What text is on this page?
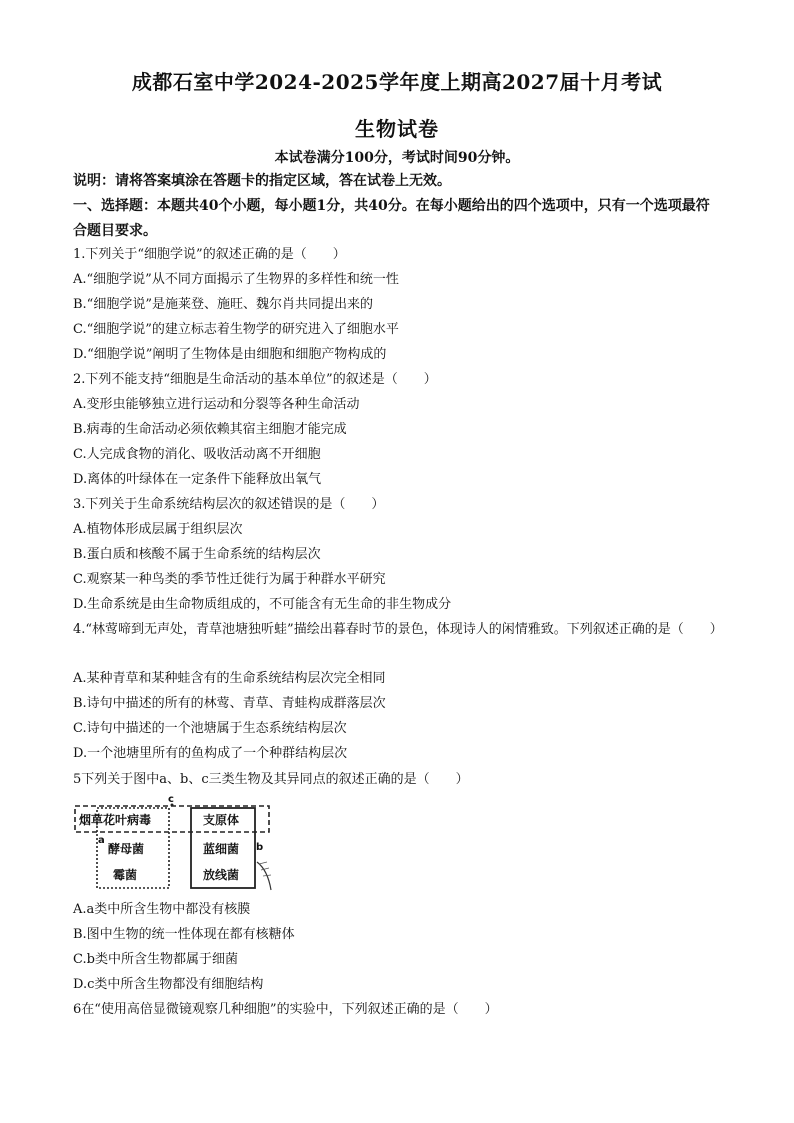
成都石室中学2024-2025学年度上期高2027届十月考试
生物试卷
本试卷满分100分，考试时间90分钟。
说明：请将答案填涂在答题卡的指定区域，答在试卷上无效。
一、选择题：本题共40个小题，每小题1分，共40分。在每小题给出的四个选项中，只有一个选项最符合题目要求。
1.下列关于“细胞学说”的叙述正确的是（　　）
A.“细胞学说”从不同方面揭示了生物界的多样性和统一性
B.“细胞学说”是施莱登、施旺、魏尔肖共同提出来的
C.“细胞学说”的建立标志着生物学的研究进入了细胞水平
D.“细胞学说”阐明了生物体是由细胞和细胞产物构成的
2.下列不能支持“细胞是生命活动的基本单位”的叙述是（　　）
A.变形虫能够独立进行运动和分裂等各种生命活动
B.病毒的生命活动必须依赖其宿主细胞才能完成
C.人完成食物的消化、吸收活动离不开细胞
D.离体的叶绿体在一定条件下能释放出氧气
3.下列关于生命系统结构层次的叙述错误的是（　　）
A.植物体形成层属于组织层次
B.蛋白质和核酸不属于生命系统的结构层次
C.观察某一种鸟类的季节性迁徙行为属于种群水平研究
D.生命系统是由生命物质组成的，不可能含有无生命的非生物成分
4.“林莺啼到无声处，青草池塘独听蛙”描绘出暮春时节的景色，体现诗人的闲情雅致。下列叙述正确的是（　　）
A.某种青草和某种蛙含有的生命系统结构层次完全相同
B.诗句中描述的所有的林莺、青草、青蛙构成群落层次
C.诗句中描述的一个池塘属于生态系统结构层次
D.一个池塘里所有的鱼构成了一个种群结构层次
5下列关于图中a、b、c三类生物及其异同点的叙述正确的是（　　）
c
b
a
烟草花叶病毒	支原体
酵母菌	蓝细菌
霉菌	放线菌
A.a类中所含生物中都没有核膜
B.图中生物的统一性体现在都有核糖体
C.b类中所含生物都属于细菌
D.c类中所含生物都没有细胞结构
6在“使用高倍显微镜观察几种细胞”的实验中，下列叙述正确的是（　　）
